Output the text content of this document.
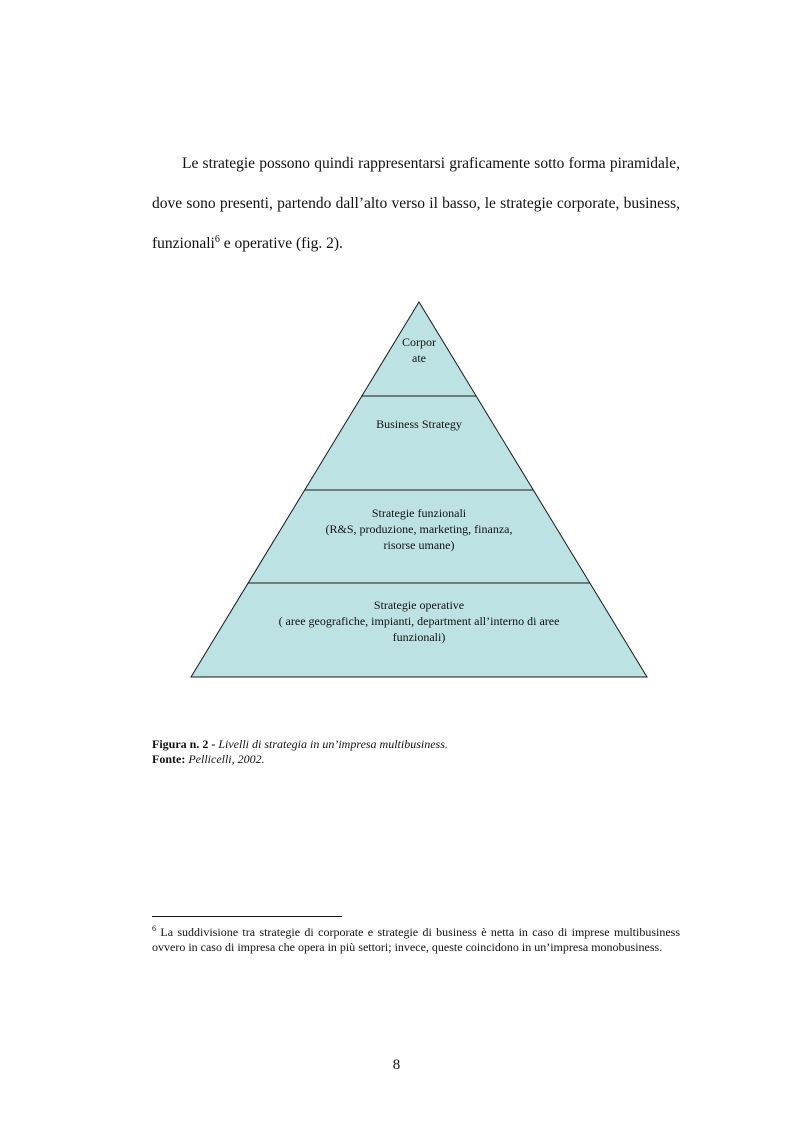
Le strategie possono quindi rappresentarsi graficamente sotto forma piramidale, dove sono presenti, partendo dall’alto verso il basso, le strategie corporate, business, funzionali$^6$ e operative (fig. 2).

Corpor
ate
Business Strategy
Strategie funzionali
(R&S, produzione, marketing, finanza,
risorse umane)
Strategie operative
( aree geografiche, impianti, department all’interno di aree
funzionali)
Figura n. 2 - Livelli di strategia in un’impresa multibusiness.
Fonte: Pellicelli, 2002.

$^6$ La suddivisione tra strategie di corporate e strategie di business è netta in caso di imprese multibusiness ovvero in caso di impresa che opera in più settori; invece, queste coincidono in un’impresa monobusiness.

8
